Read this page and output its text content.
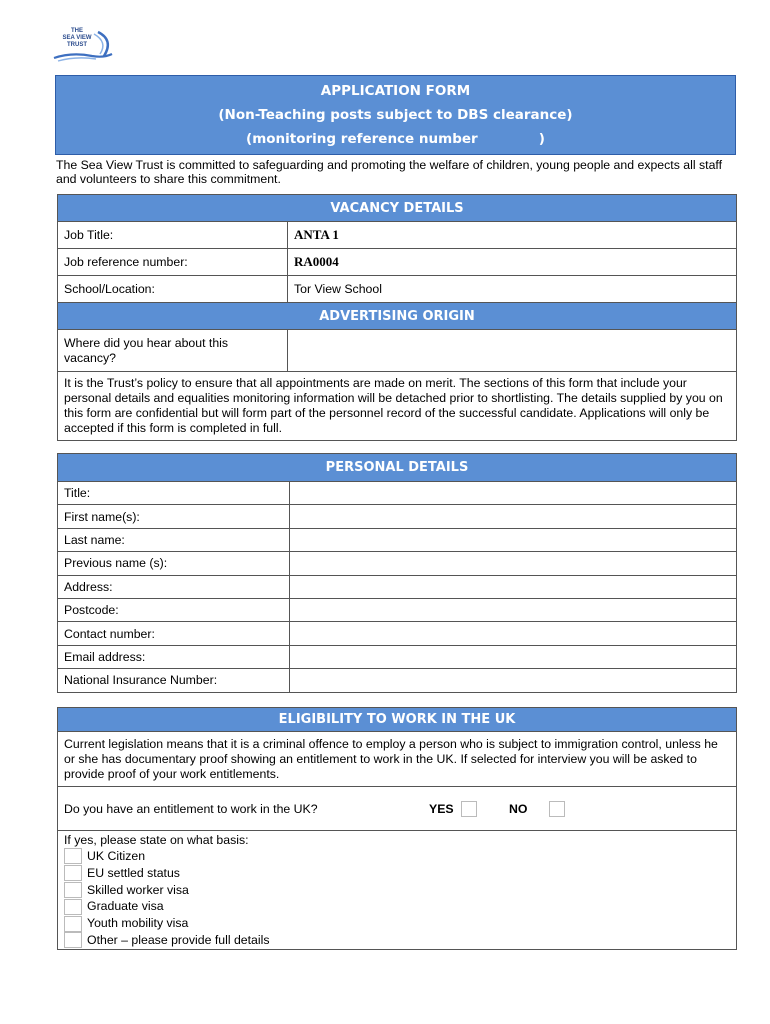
THE
SEA VIEW
TRUST
APPLICATION FORM
(Non-Teaching posts subject to DBS clearance)
(monitoring reference number             )
The Sea View Trust is committed to safeguarding and promoting the welfare of children, young people and expects all staff and volunteers to share this commitment.
VACANCY DETAILS	
Job Title:	ANTA 1
Job reference number:	RA0004
School/Location:	Tor View School
ADVERTISING ORIGIN	
Where did you hear about this vacancy?	
It is the Trust’s policy to ensure that all appointments are made on merit. The sections of this form that include your personal details and equalities monitoring information will be detached prior to shortlisting. The details supplied by you on this form are confidential but will form part of the personnel record of the successful candidate. Applications will only be accepted if this form is completed in full.	
PERSONAL DETAILS	
Title:	
First name(s):	
Last name:	
Previous name (s):	
Address:	
Postcode:	
Contact number:	
Email address:	
National Insurance Number:	
ELIGIBILITY TO WORK IN THE UK
Current legislation means that it is a criminal offence to employ a person who is subject to immigration control, unless he or she has documentary proof showing an entitlement to work in the UK. If selected for interview you will be asked to provide proof of your work entitlements.

Do you have an entitlement to work in the UK?	YES	NO

If yes, please state on what basis:
UK Citizen
EU settled status
Skilled worker visa
Graduate visa
Youth mobility visa
Other – please provide full details
